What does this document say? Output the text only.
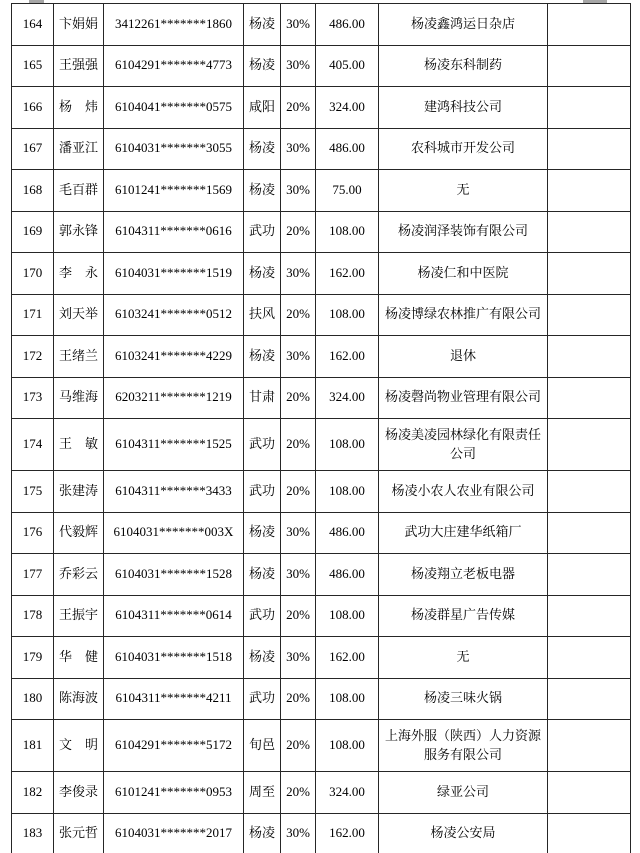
164	卞娟娟	3412261*******1860	杨凌	30%	486.00	杨凌鑫鸿运日杂店	
165	王强强	6104291*******4773	杨凌	30%	405.00	杨凌东科制药	
166	杨　炜	6104041*******0575	咸阳	20%	324.00	建鸿科技公司	
167	潘亚江	6104031*******3055	杨凌	30%	486.00	农科城市开发公司	
168	毛百群	6101241*******1569	杨凌	30%	75.00	无	
169	郭永锋	6104311*******0616	武功	20%	108.00	杨凌润泽装饰有限公司	
170	李　永	6104031*******1519	杨凌	30%	162.00	杨凌仁和中医院	
171	刘天举	6103241*******0512	扶风	20%	108.00	杨凌博绿农林推广有限公司	
172	王绪兰	6103241*******4229	杨凌	30%	162.00	退休	
173	马维海	6203211*******1219	甘肃	20%	324.00	杨凌磬尚物业管理有限公司	
174	王　敏	6104311*******1525	武功	20%	108.00	杨凌美凌园林绿化有限责任公司	
175	张建涛	6104311*******3433	武功	20%	108.00	杨凌小农人农业有限公司	
176	代毅辉	6104031*******003X	杨凌	30%	486.00	武功大庄建华纸箱厂	
177	乔彩云	6104031*******1528	杨凌	30%	486.00	杨凌翔立老板电器	
178	王振宇	6104311*******0614	武功	20%	108.00	杨凌群星广告传媒	
179	华　健	6104031*******1518	杨凌	30%	162.00	无	
180	陈海波	6104311*******4211	武功	20%	108.00	杨凌三味火锅	
181	文　明	6104291*******5172	旬邑	20%	108.00	上海外服（陕西）人力资源服务有限公司	
182	李俊录	6101241*******0953	周至	20%	324.00	绿亚公司	
183	张元哲	6104031*******2017	杨凌	30%	162.00	杨凌公安局	
